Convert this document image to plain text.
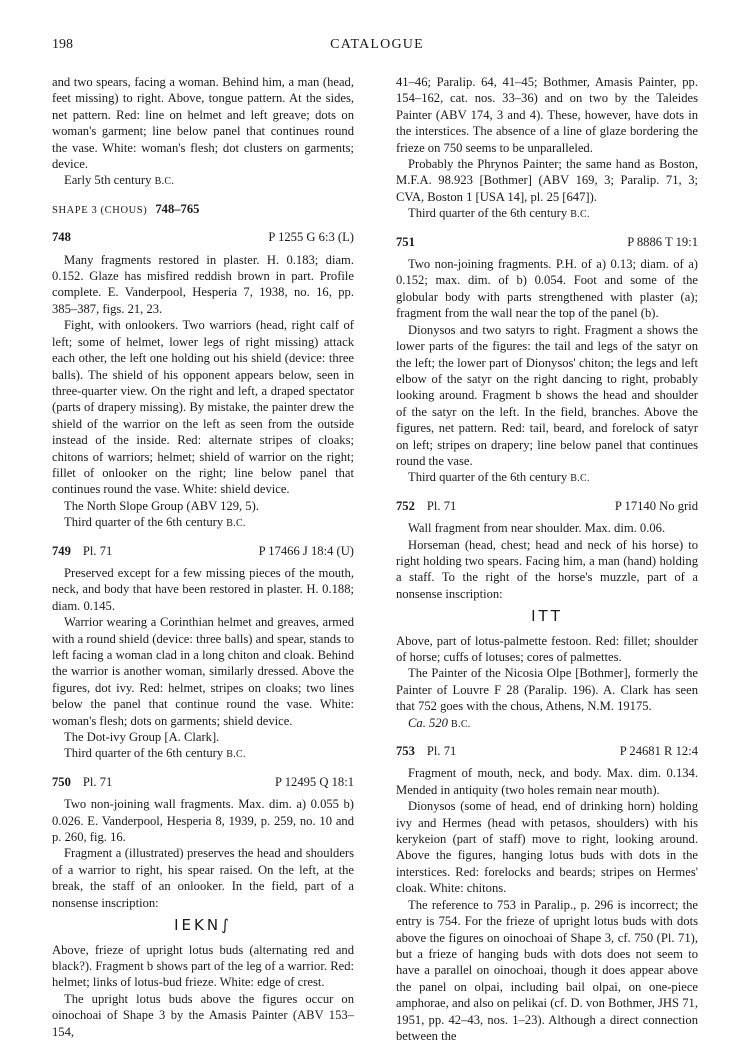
198	CATALOGUE

and two spears, facing a woman. Behind him, a man (head, feet missing) to right. Above, tongue pattern. At the sides, net pattern. Red: line on helmet and left greave; dots on woman's garment; line below panel that continues round the vase. White: woman's flesh; dot clusters on garments; device.

Early 5th century B.C.

SHAPE 3 (CHOUS) 748–765
748	P 1255 G 6:3 (L)

Many fragments restored in plaster. H. 0.183; diam. 0.152. Glaze has misfired reddish brown in part. Profile complete. E. Vanderpool, Hesperia 7, 1938, no. 16, pp. 385–387, figs. 21, 23.

Fight, with onlookers. Two warriors (head, right calf of left; some of helmet, lower legs of right missing) attack each other, the left one holding out his shield (device: three balls). The shield of his opponent appears below, seen in three-quarter view. On the right and left, a draped spectator (parts of drapery missing). By mistake, the painter drew the shield of the warrior on the left as seen from the outside instead of the inside. Red: alternate stripes of cloaks; chitons of warriors; helmet; shield of warrior on the right; fillet of onlooker on the right; line below panel that continues round the vase. White: shield device.

The North Slope Group (ABV 129, 5).

Third quarter of the 6th century B.C.

749 Pl. 71	P 17466 J 18:4 (U)

Preserved except for a few missing pieces of the mouth, neck, and body that have been restored in plaster. H. 0.188; diam. 0.145.

Warrior wearing a Corinthian helmet and greaves, armed with a round shield (device: three balls) and spear, stands to left facing a woman clad in a long chiton and cloak. Behind the warrior is another woman, similarly dressed. Above the figures, dot ivy. Red: helmet, stripes on cloaks; two lines below the panel that continue round the vase. White: woman's flesh; dots on garments; shield device.

The Dot-ivy Group [A. Clark].

Third quarter of the 6th century B.C.

750 Pl. 71	P 12495 Q 18:1

Two non-joining wall fragments. Max. dim. a) 0.055 b) 0.026. E. Vanderpool, Hesperia 8, 1939, p. 259, no. 10 and p. 260, fig. 16.

Fragment a (illustrated) preserves the head and shoulders of a warrior to right, his spear raised. On the left, at the break, the staff of an onlooker. In the field, part of a nonsense inscription:

ΙΕΚΝ∫

Above, frieze of upright lotus buds (alternating red and black?). Fragment b shows part of the leg of a warrior. Red: helmet; links of lotus-bud frieze. White: edge of crest.

The upright lotus buds above the figures occur on oinochoai of Shape 3 by the Amasis Painter (ABV 153–154,

41–46; Paralip. 64, 41–45; Bothmer, Amasis Painter, pp. 154–162, cat. nos. 33–36) and on two by the Taleides Painter (ABV 174, 3 and 4). These, however, have dots in the interstices. The absence of a line of glaze bordering the frieze on 750 seems to be unparalleled.

Probably the Phrynos Painter; the same hand as Boston, M.F.A. 98.923 [Bothmer] (ABV 169, 3; Paralip. 71, 3; CVA, Boston 1 [USA 14], pl. 25 [647]).

Third quarter of the 6th century B.C.

751	P 8886 T 19:1

Two non-joining fragments. P.H. of a) 0.13; diam. of a) 0.152; max. dim. of b) 0.054. Foot and some of the globular body with parts strengthened with plaster (a); fragment from the wall near the top of the panel (b).

Dionysos and two satyrs to right. Fragment a shows the lower parts of the figures: the tail and legs of the satyr on the left; the lower part of Dionysos' chiton; the legs and left elbow of the satyr on the right dancing to right, probably looking around. Fragment b shows the head and shoulder of the satyr on the left. In the field, branches. Above the figures, net pattern. Red: tail, beard, and forelock of satyr on left; stripes on drapery; line below panel that continues round the vase.

Third quarter of the 6th century B.C.

752 Pl. 71	P 17140 No grid

Wall fragment from near shoulder. Max. dim. 0.06.

Horseman (head, chest; head and neck of his horse) to right holding two spears. Facing him, a man (hand) holding a staff. To the right of the horse's muzzle, part of a nonsense inscription:

ΙΤΤ

Above, part of lotus-palmette festoon. Red: fillet; shoulder of horse; cuffs of lotuses; cores of palmettes.

The Painter of the Nicosia Olpe [Bothmer], formerly the Painter of Louvre F 28 (Paralip. 196). A. Clark has seen that 752 goes with the chous, Athens, N.M. 19175.

Ca. 520 B.C.

753 Pl. 71	P 24681 R 12:4

Fragment of mouth, neck, and body. Max. dim. 0.134. Mended in antiquity (two holes remain near mouth).

Dionysos (some of head, end of drinking horn) holding ivy and Hermes (head with petasos, shoulders) with his kerykeion (part of staff) move to right, looking around. Above the figures, hanging lotus buds with dots in the interstices. Red: forelocks and beards; stripes on Hermes' cloak. White: chitons.

The reference to 753 in Paralip., p. 296 is incorrect; the entry is 754. For the frieze of upright lotus buds with dots above the figures on oinochoai of Shape 3, cf. 750 (Pl. 71), but a frieze of hanging buds with dots does not seem to have a parallel on oinochoai, though it does appear above the panel on olpai, including bail olpai, on one-piece amphorae, and also on pelikai (cf. D. von Bothmer, JHS 71, 1951, pp. 42–43, nos. 1–23). Although a direct connection between the
